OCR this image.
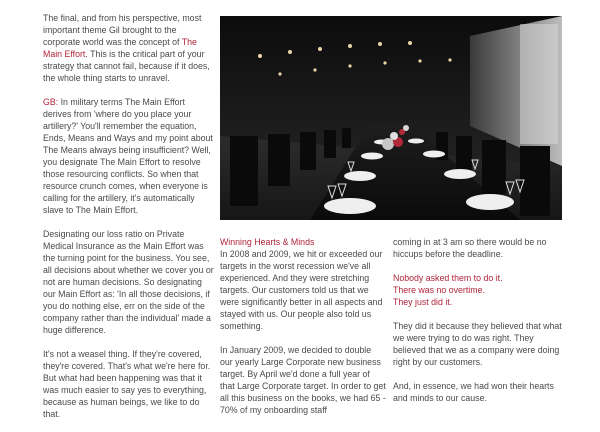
The final, and from his perspective, most important theme Gil brought to the corporate world was the concept of The Main Effort. This is the critical part of your strategy that cannot fail, because if it does, the whole thing starts to unravel.

GB: In military terms The Main Effort derives from 'where do you place your artillery?' You'll remember the equation, Ends, Means and Ways and my point about The Means always being insufficient? Well, you designate The Main Effort to resolve those resourcing conflicts. So when that resource crunch comes, when everyone is calling for the artillery, it's automatically slave to The Main Effort.

Designating our loss ratio on Private Medical Insurance as the Main Effort was the turning point for the business. You see, all decisions about whether we cover you or not are human decisions. So designating our Main Effort as: 'In all those decisions, if you do nothing else, err on the side of the company rather than the individual' made a huge difference.

It's not a weasel thing. If they're covered, they're covered. That's what we're here for. But what had been happening was that it was much easier to say yes to everything, because as human beings, we like to do that.

Winning Hearts & Minds

In 2008 and 2009, we hit or exceeded our targets in the worst recession we've all experienced. And they were stretching targets. Our customers told us that we were significantly better in all aspects and stayed with us. Our people also told us something.

In January 2009, we decided to double our yearly Large Corporate new business target. By April we'd done a full year of that Large Corporate target. In order to get all this business on the books, we had 65 - 70% of my onboarding staff

coming in at 3 am so there would be no hiccups before the deadline.

Nobody asked them to do it.
There was no overtime.
They just did it.

They did it because they believed that what we were trying to do was right. They believed that we as a company were doing right by our customers.

And, in essence, we had won their hearts and minds to our cause.
